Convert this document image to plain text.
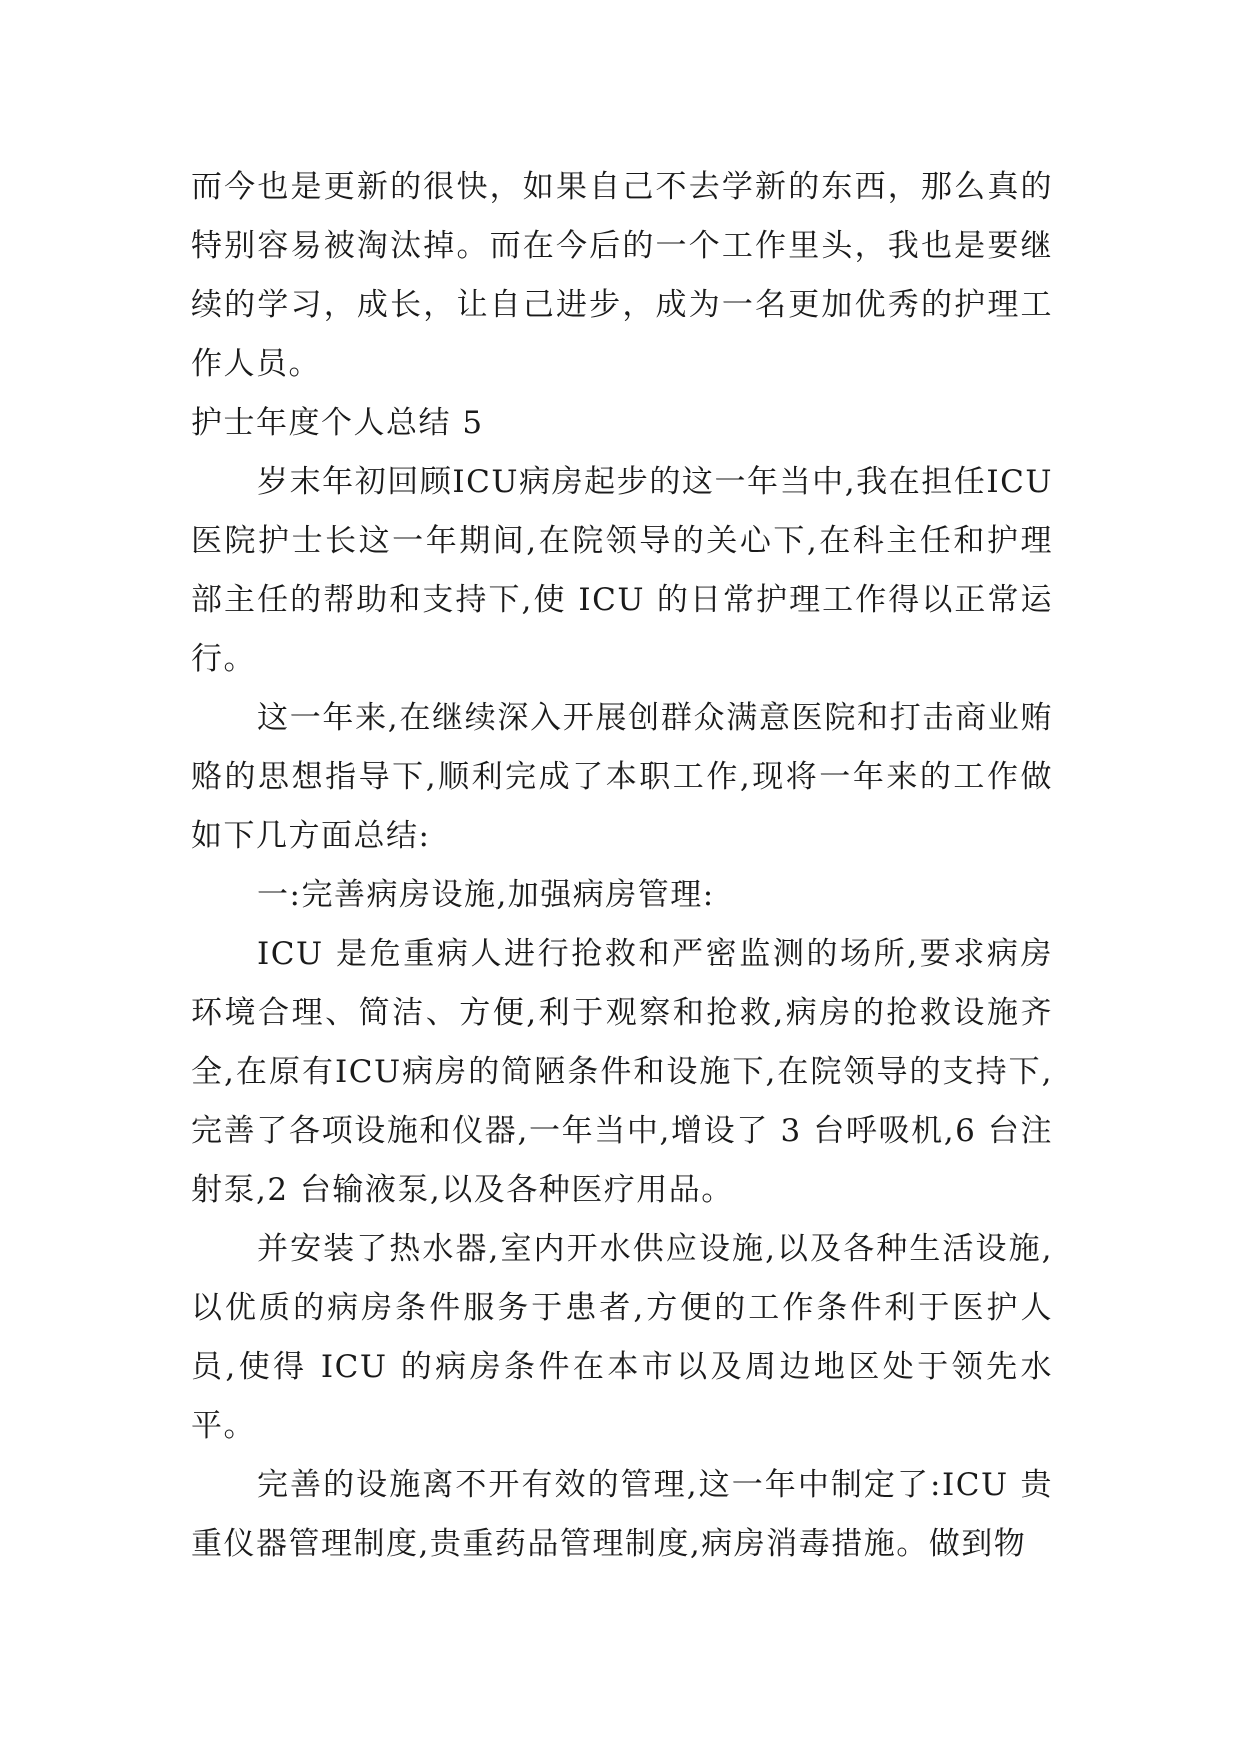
而今也是更新的很快，如果自己不去学新的东西，那么真的特别容易被淘汰掉。而在今后的一个工作里头，我也是要继续的学习，成长，让自己进步，成为一名更加优秀的护理工作人员。

护士年度个人总结 5

岁末年初回顾ICU病房起步的这一年当中,我在担任ICU医院护士长这一年期间,在院领导的关心下,在科主任和护理部主任的帮助和支持下,使 ICU 的日常护理工作得以正常运行。

这一年来,在继续深入开展创群众满意医院和打击商业贿赂的思想指导下,顺利完成了本职工作,现将一年来的工作做如下几方面总结:

一:完善病房设施,加强病房管理:

ICU 是危重病人进行抢救和严密监测的场所,要求病房环境合理、简洁、方便,利于观察和抢救,病房的抢救设施齐全,在原有ICU病房的简陋条件和设施下,在院领导的支持下,完善了各项设施和仪器,一年当中,增设了 3 台呼吸机,6 台注射泵,2 台输液泵,以及各种医疗用品。

并安装了热水器,室内开水供应设施,以及各种生活设施,以优质的病房条件服务于患者,方便的工作条件利于医护人员,使得 ICU 的病房条件在本市以及周边地区处于领先水平。

完善的设施离不开有效的管理,这一年中制定了:ICU 贵重仪器管理制度,贵重药品管理制度,病房消毒措施。做到物
